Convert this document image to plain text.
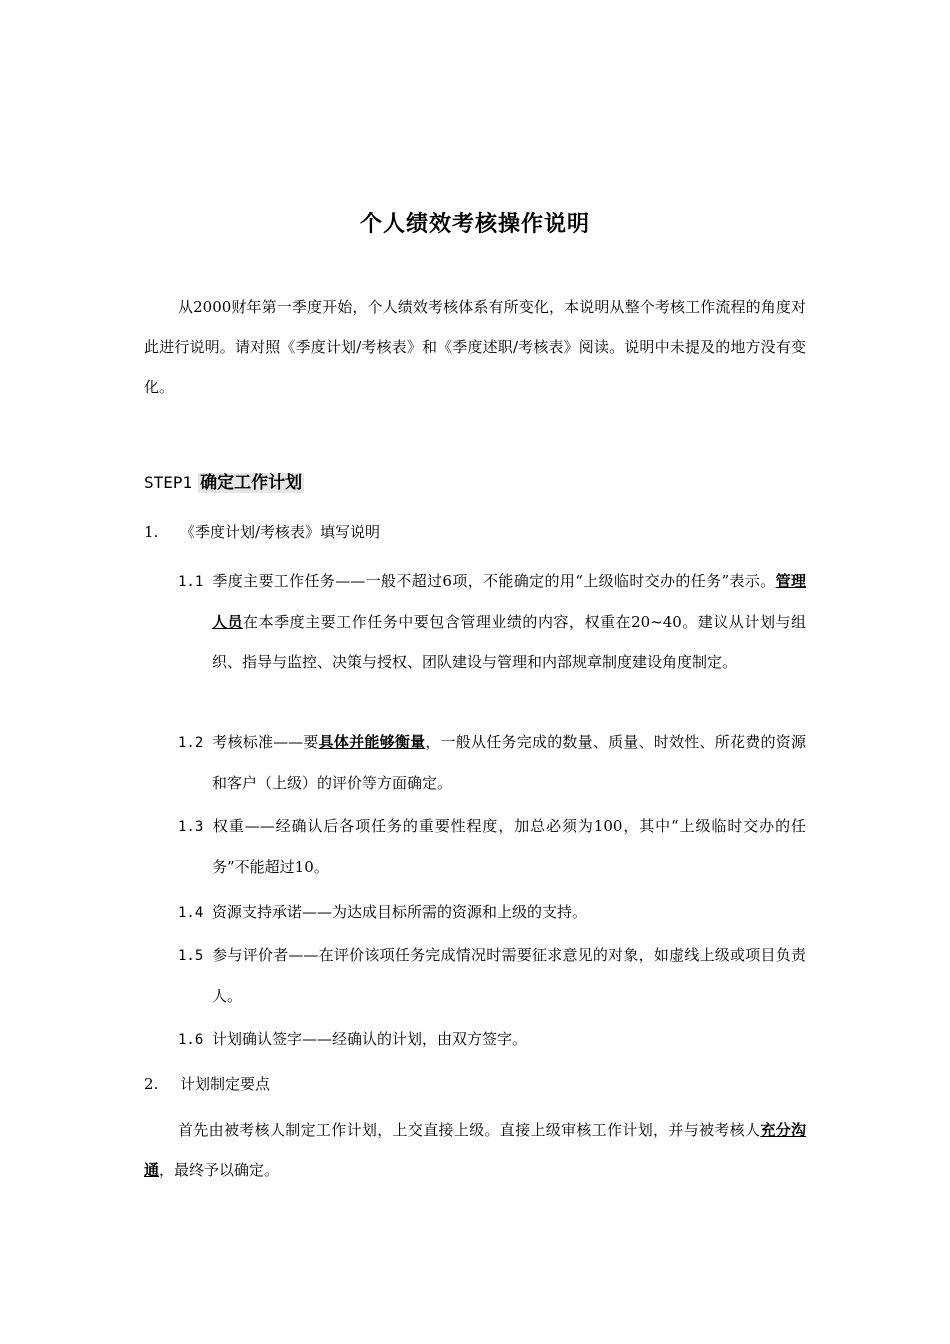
个人绩效考核操作说明
从2000财年第一季度开始，个人绩效考核体系有所变化，本说明从整个考核工作流程的角度对此进行说明。请对照《季度计划/考核表》和《季度述职/考核表》阅读。说明中未提及的地方没有变化。
STEP1 确定工作计划
1. 《季度计划/考核表》填写说明
1.1 季度主要工作任务——一般不超过6项，不能确定的用“上级临时交办的任务”表示。管理人员在本季度主要工作任务中要包含管理业绩的内容，权重在20~40。建议从计划与组织、指导与监控、决策与授权、团队建设与管理和内部规章制度建设角度制定。
1.2 考核标准——要具体并能够衡量，一般从任务完成的数量、质量、时效性、所花费的资源和客户（上级）的评价等方面确定。
1.3 权重——经确认后各项任务的重要性程度，加总必须为100，其中“上级临时交办的任务”不能超过10。
1.4 资源支持承诺——为达成目标所需的资源和上级的支持。
1.5 参与评价者——在评价该项任务完成情况时需要征求意见的对象，如虚线上级或项目负责人。
1.6 计划确认签字——经确认的计划，由双方签字。
2. 计划制定要点
首先由被考核人制定工作计划，上交直接上级。直接上级审核工作计划，并与被考核人充分沟通，最终予以确定。
